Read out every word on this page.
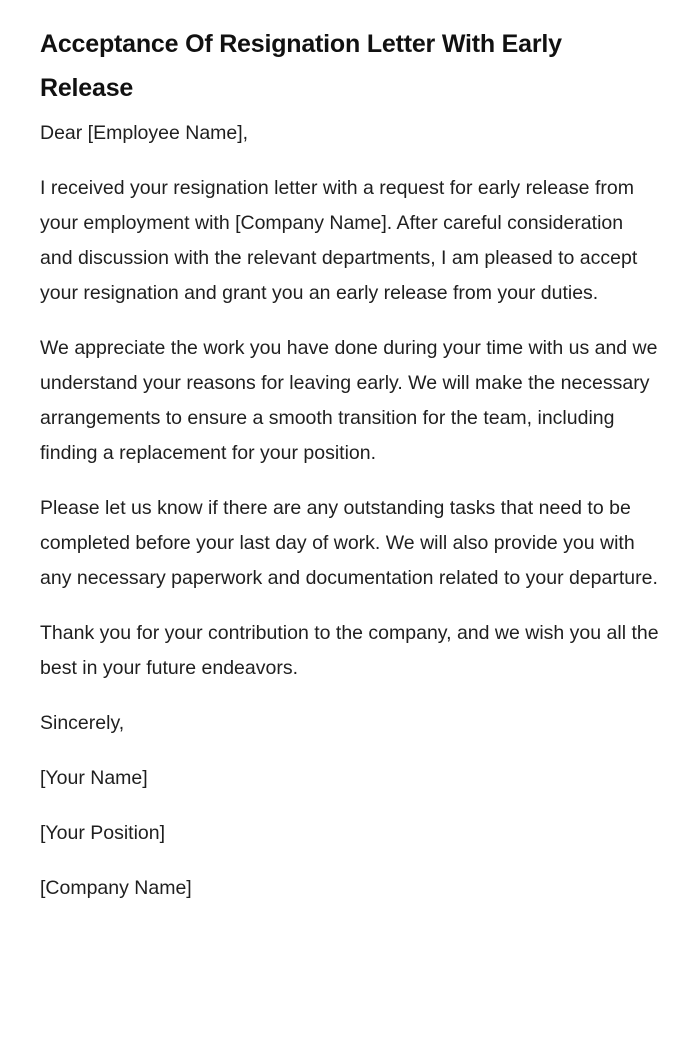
Acceptance Of Resignation Letter With Early Release

Dear [Employee Name],

I received your resignation letter with a request for early release from your employment with [Company Name]. After careful consideration and discussion with the relevant departments, I am pleased to accept your resignation and grant you an early release from your duties.

We appreciate the work you have done during your time with us and we understand your reasons for leaving early. We will make the necessary arrangements to ensure a smooth transition for the team, including finding a replacement for your position.

Please let us know if there are any outstanding tasks that need to be completed before your last day of work. We will also provide you with any necessary paperwork and documentation related to your departure.

Thank you for your contribution to the company, and we wish you all the best in your future endeavors.

Sincerely,

[Your Name]

[Your Position]

[Company Name]
